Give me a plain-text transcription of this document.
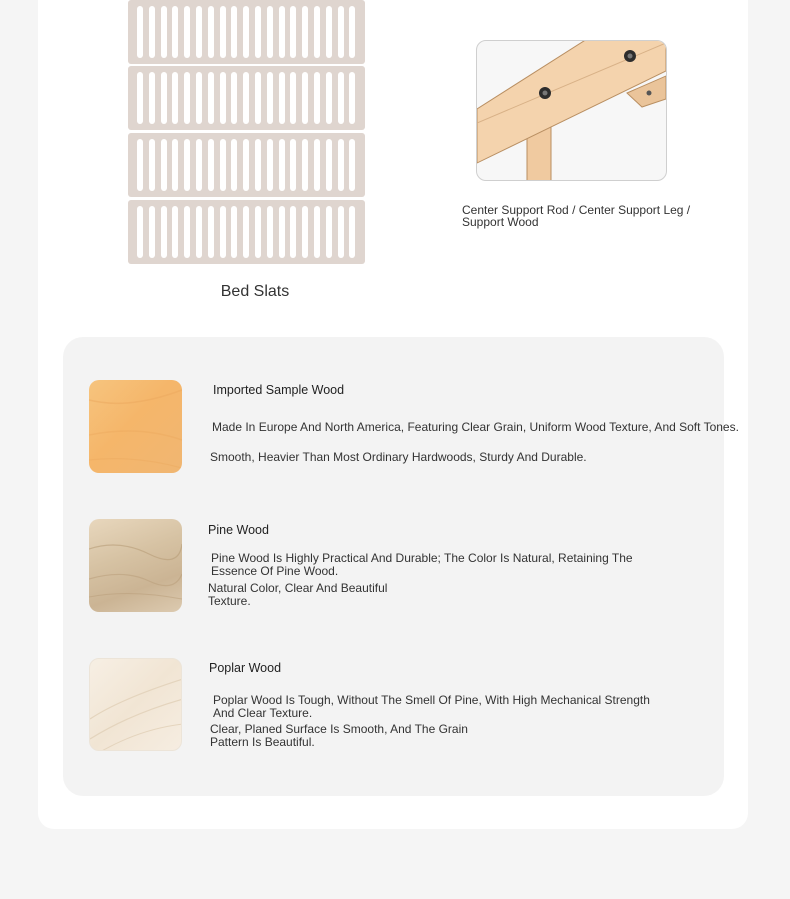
Bed Slats
Center Support Rod / Center Support Leg / Support Wood
Imported Sample Wood
Made In Europe And North America, Featuring Clear Grain, Uniform Wood Texture, And Soft Tones.
Smooth, Heavier Than Most Ordinary Hardwoods, Sturdy And Durable.
Pine Wood
Pine Wood Is Highly Practical And Durable; The Color Is Natural, Retaining The Essence Of Pine Wood.
Natural Color, Clear And Beautiful Texture.
Poplar Wood
Poplar Wood Is Tough, Without The Smell Of Pine, With High Mechanical Strength And Clear Texture.
Clear, Planed Surface Is Smooth, And The Grain Pattern Is Beautiful.
